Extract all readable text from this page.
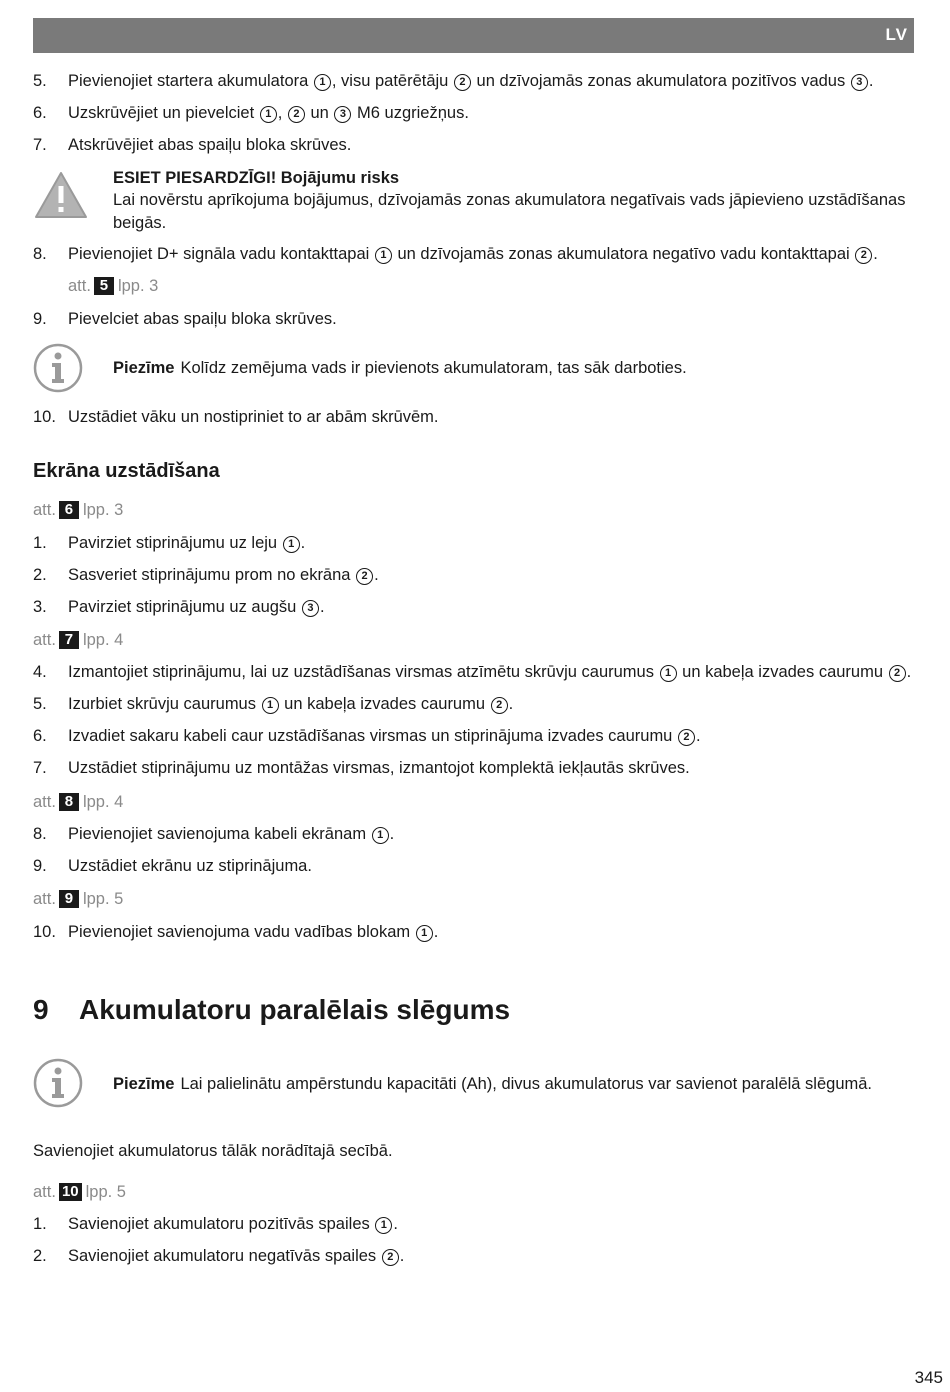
LV
5. Pievienojiet startera akumulatora 1 , visu patērētāju 2 un dzīvojamās zonas akumulatora pozitīvos vadus 3 .
6. Uzskrūvējiet un pievelciet 1 , 2 un 3 M6 uzgriežņus.
7. Atskrūvējiet abas spaiļu bloka skrūves.
ESIET PIESARDZĪGI! Bojājumu risks
Lai novērstu aprīkojuma bojājumus, dzīvojamās zonas akumulatora negatīvais vads jāpievieno uzstādīšanas beigās.
8. Pievienojiet D+ signāla vadu kontakttapai 1 un dzīvojamās zonas akumulatora negatīvo vadu kontakttapai 2 .
att. 5 lpp. 3
9. Pievelciet abas spaiļu bloka skrūves.
Piezīme Kolīdz zemējuma vads ir pievienots akumulatoram, tas sāk darboties.
10. Uzstādiet vāku un nostipriniet to ar abām skrūvēm.
Ekrāna uzstādīšana
att. 6 lpp. 3
1. Pavirziet stiprinājumu uz leju 1 .
2. Sasveriet stiprinājumu prom no ekrāna 2 .
3. Pavirziet stiprinājumu uz augšu 3 .
att. 7 lpp. 4
4. Izmantojiet stiprinājumu, lai uz uzstādīšanas virsmas atzīmētu skrūvju caurumus 1 un kabeļa izvades caurumu 2 .
5. Izurbiet skrūvju caurumus 1 un kabeļa izvades caurumu 2 .
6. Izvadiet sakaru kabeli caur uzstādīšanas virsmas un stiprinājuma izvades caurumu 2 .
7. Uzstādiet stiprinājumu uz montāžas virsmas, izmantojot komplektā iekļautās skrūves.
att. 8 lpp. 4
8. Pievienojiet savienojuma kabeli ekrānam 1 .
9. Uzstādiet ekrānu uz stiprinājuma.
att. 9 lpp. 5
10. Pievienojiet savienojuma vadu vadības blokam 1 .
9 Akumulatoru paralēlais slēgums
Piezīme Lai palielinātu ampērstundu kapacitāti (Ah), divus akumulatorus var savienot paralēlā slēgumā.
Savienojiet akumulatorus tālāk norādītajā secībā.
att. 10 lpp. 5
1. Savienojiet akumulatoru pozitīvās spailes 1 .
2. Savienojiet akumulatoru negatīvās spailes 2 .
345
